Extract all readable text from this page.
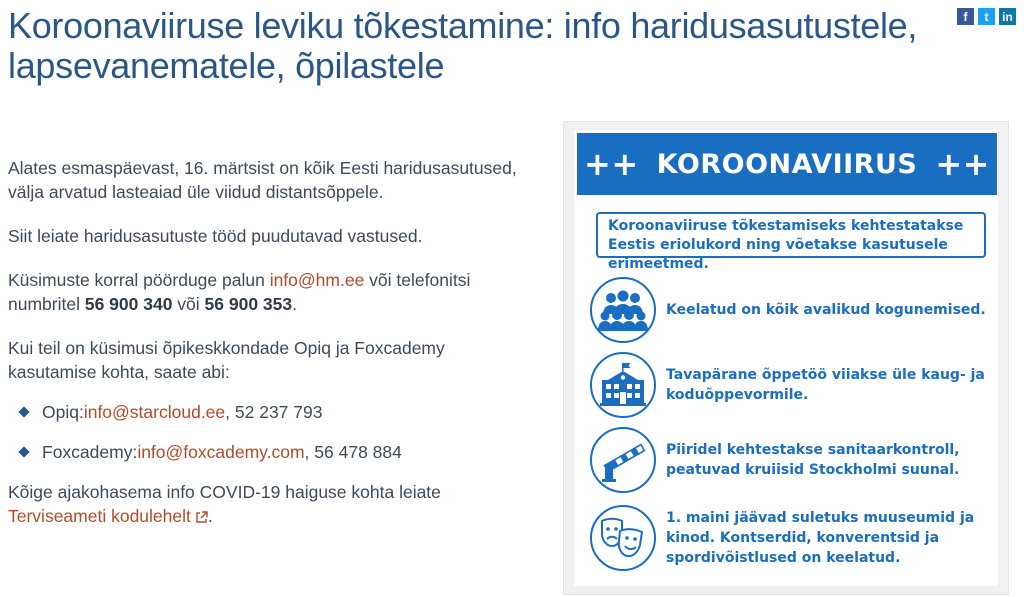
Koroonaviiruse leviku tõkestamine: info haridusasutustele, lapsevanematele, õpilastele
f	t	in

Alates esmaspäevast, 16. märtsist on kõik Eesti haridusasutused, välja arvatud lasteaiad üle viidud distantsõppele.

Siit leiate haridusasutuste tööd puudutavad vastused.

Küsimuste korral pöörduge palun info@hm.ee või telefonitsi numbritel 56 900 340 või 56 900 353.

Kui teil on küsimusi õpikeskkondade Opiq ja Foxcademy kasutamise kohta, saate abi:

Opiq: info@starcloud.ee , 52 237 793
Foxcademy: info@foxcademy.com , 56 478 884

Kõige ajakohasema info COVID-19 haiguse kohta leiate Terviseameti kodulehelt .

++ KOROONAVIIRUS ++
Koroonaviiruse tõkestamiseks kehtestatakse Eestis eriolukord ning võetakse kasutusele erimeetmed.
Keelatud on kõik avalikud kogunemised.
Tavapärane õppetöö viiakse üle kaug- ja koduõppevormile.
Piiridel kehtestakse sanitaarkontroll, peatuvad kruiisid Stockholmi suunal.
1. maini jäävad suletuks muuseumid ja kinod. Kontserdid, konverentsid ja spordivõistlused on keelatud.
